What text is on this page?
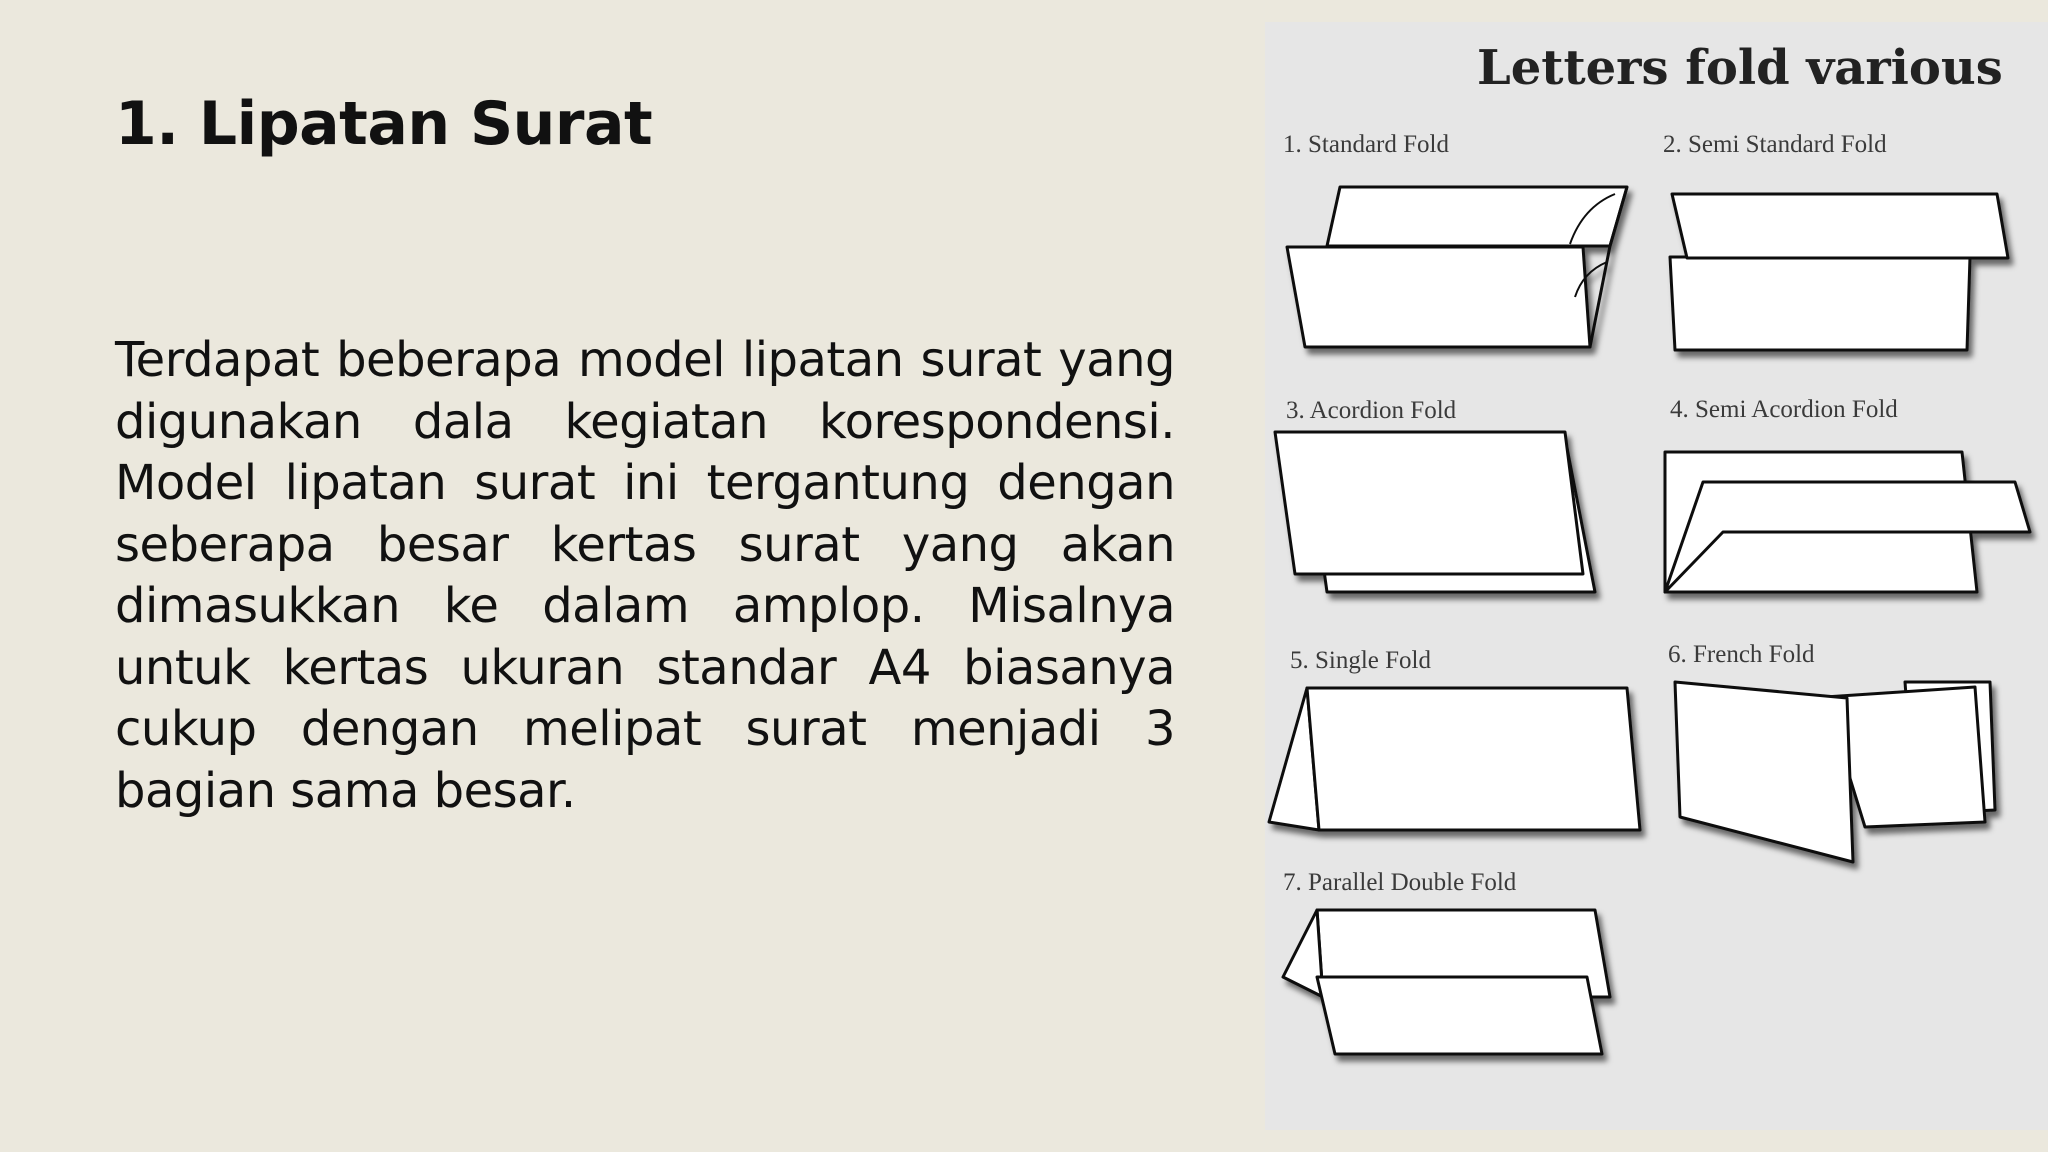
1. Lipatan Surat

Terdapat beberapa model lipatan surat yang digunakan dala kegiatan korespondensi. Model lipatan surat ini tergantung dengan seberapa besar kertas surat yang akan dimasukkan ke dalam amplop. Misalnya untuk kertas ukuran standar A4 biasanya cukup dengan melipat surat menjadi 3 bagian sama besar.

Letters fold various
1. Standard Fold	2. Semi Standard Fold
3. Acordion Fold	4. Semi Acordion Fold
5. Single Fold	6. French Fold
7. Parallel Double Fold
